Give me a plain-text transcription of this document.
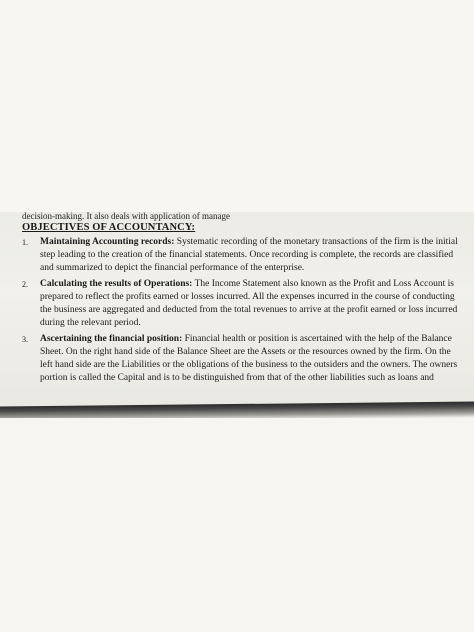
decision-making. It also deals with application of manage
OBJECTIVES OF ACCOUNTANCY:
1. Maintaining Accounting records: Systematic recording of the monetary transactions of the firm is the initial
step leading to the creation of the financial statements. Once recording is complete, the records are classified
and summarized to depict the financial performance of the enterprise.
2. Calculating the results of Operations: The Income Statement also known as the Profit and Loss Account is
prepared to reflect the profits earned or losses incurred. All the expenses incurred in the course of conducting
the business are aggregated and deducted from the total revenues to arrive at the profit earned or loss incurred
during the relevant period.
3. Ascertaining the financial position: Financial health or position is ascertained with the help of the Balance
Sheet. On the right hand side of the Balance Sheet are the Assets or the resources owned by the firm. On the
left hand side are the Liabilities or the obligations of the business to the outsiders and the owners. The owners
portion is called the Capital and is to be distinguished from that of the other liabilities such as loans and
